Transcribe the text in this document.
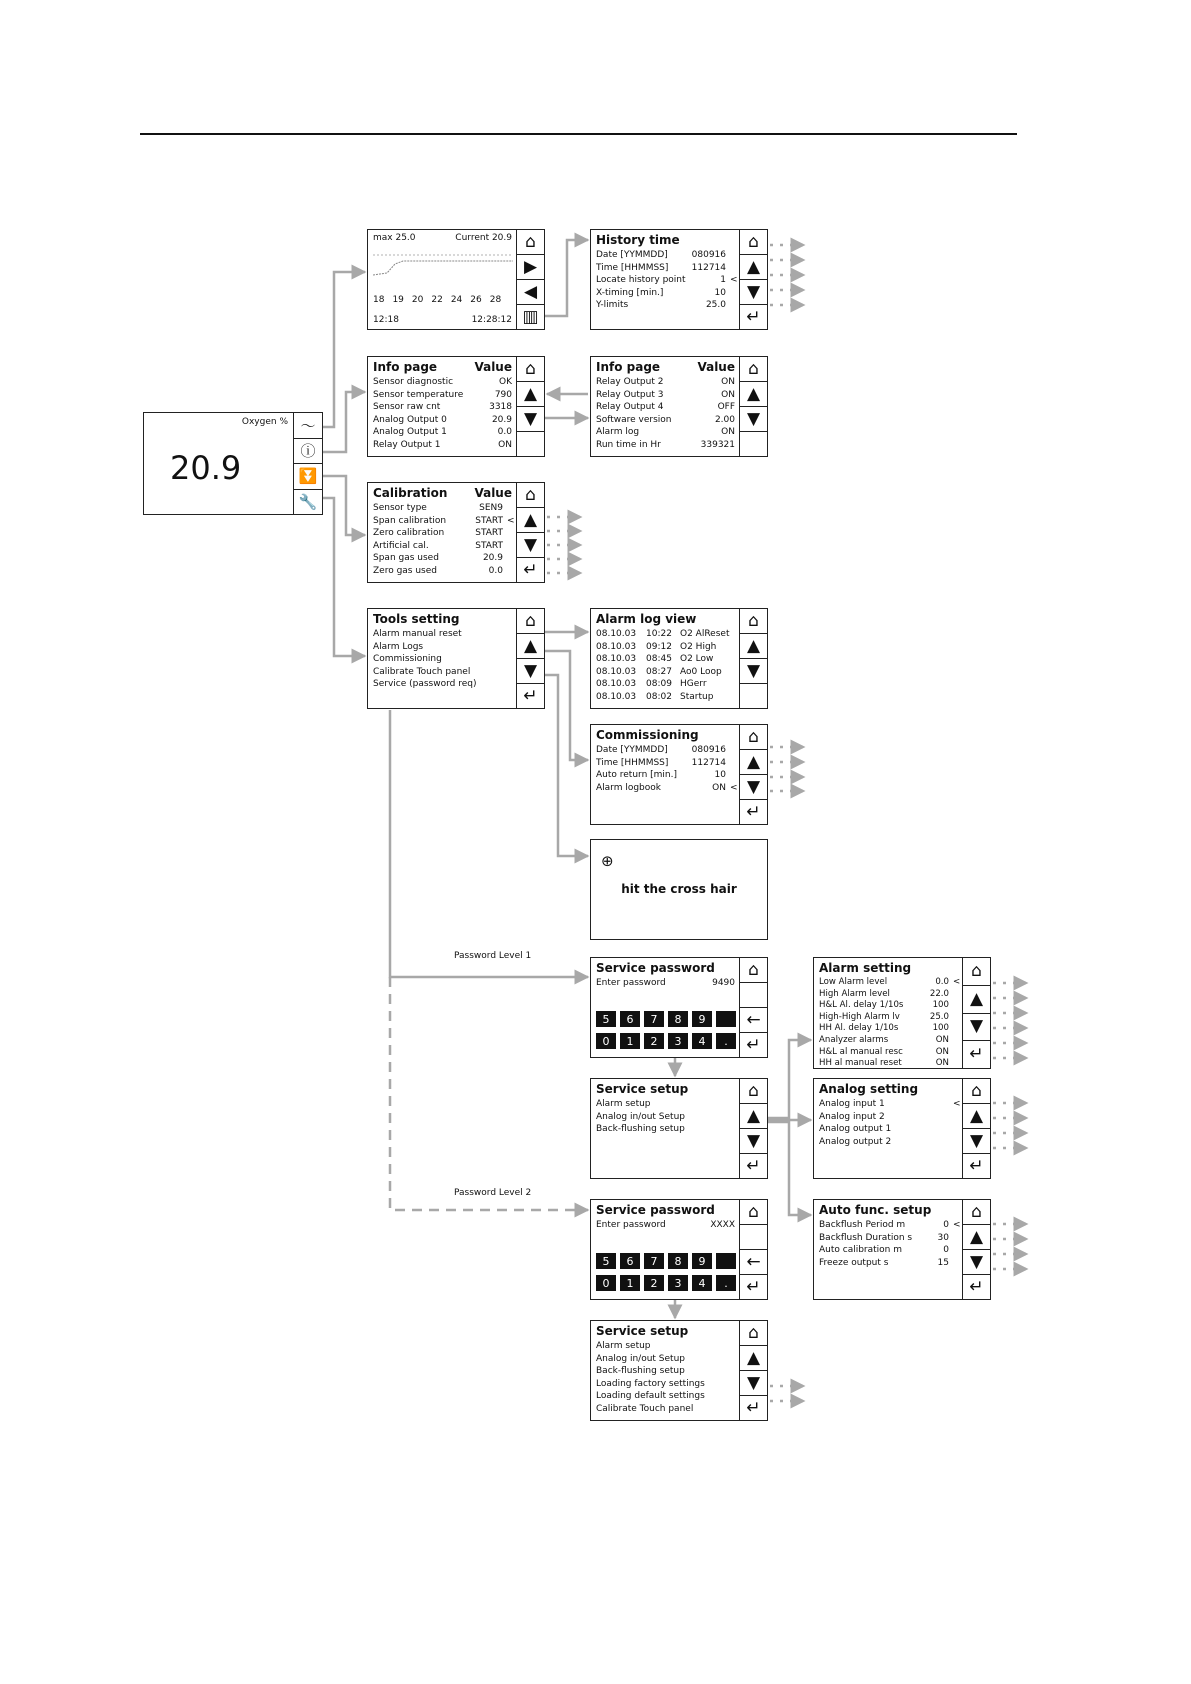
Oxygen %
20.9
〜
ⓘ
⏬
🔧
max 25.0	Current 20.9
18 19 20 22 24 26 28
12:18	12:28:12
⌂
▶
◀
▥
History time
Date [YYMMDD]	080916
Time [HHMMSS]	112714
Locate history point	1 <
X-timing [min.]	10
Y-limits	25.0
⌂
▲
▼
↵
Info page	Value
Sensor diagnostic	OK
Sensor temperature	790
Sensor raw cnt	3318
Analog Output 0	20.9
Analog Output 1	0.0
Relay Output 1	ON
⌂
▲
▼
Info page	Value
Relay Output 2	ON
Relay Output 3	ON
Relay Output 4	OFF
Software version	2.00
Alarm log	ON
Run time in Hr	339321
⌂
▲
▼
Calibration Value
Sensor type	SEN9
Span calibration	START <
Zero calibration	START
Artificial cal.	START
Span gas used	20.9
Zero gas used	0.0
⌂
▲
▼
↵
Tools setting
Alarm manual reset
Alarm Logs
Commissioning
Calibrate Touch panel
Service (password req)
⌂
▲
▼
↵
Alarm log view
08.10.03	10:22 O2 AlReset
08.10.03	09:12 O2 High
08.10.03	08:45 O2 Low
08.10.03	08:27 Ao0 Loop
08.10.03	08:09 HGerr
08.10.03	08:02 Startup
⌂
▲
▼
Commissioning
Date [YYMMDD]	080916
Time [HHMMSS]	112714
Auto return [min.]	10
Alarm logbook	ON <
⌂
▲
▼
↵
⊕
hit the cross hair
Password Level 1
Password Level 2
Service password
Enter password	9490
5	6	7	8	9
0	1	2	3	4	.
⌂
←
↵
Service setup
Alarm setup
Analog in/out Setup
Back-flushing setup
⌂
▲
▼
↵
Service password
Enter password	XXXX
5	6	7	8	9
0	1	2	3	4	.
⌂
←
↵
Service setup
Alarm setup
Analog in/out Setup
Back-flushing setup
Loading factory settings
Loading default settings
Calibrate Touch panel
⌂
▲
▼
↵
Alarm setting
Low Alarm level	0.0 <
High Alarm level	22.0
H&L Al. delay 1/10s	100
High-High Alarm lv	25.0
HH Al. delay 1/10s	100
Analyzer alarms	ON
H&L al manual resc	ON
HH al manual reset	ON
⌂
▲
▼
↵
Analog setting
Analog input 1	<
Analog input 2
Analog output 1
Analog output 2
⌂
▲
▼
↵
Auto func. setup
Backflush Period m	0 <
Backflush Duration s	30
Auto calibration m	0
Freeze output s	15
⌂
▲
▼
↵
